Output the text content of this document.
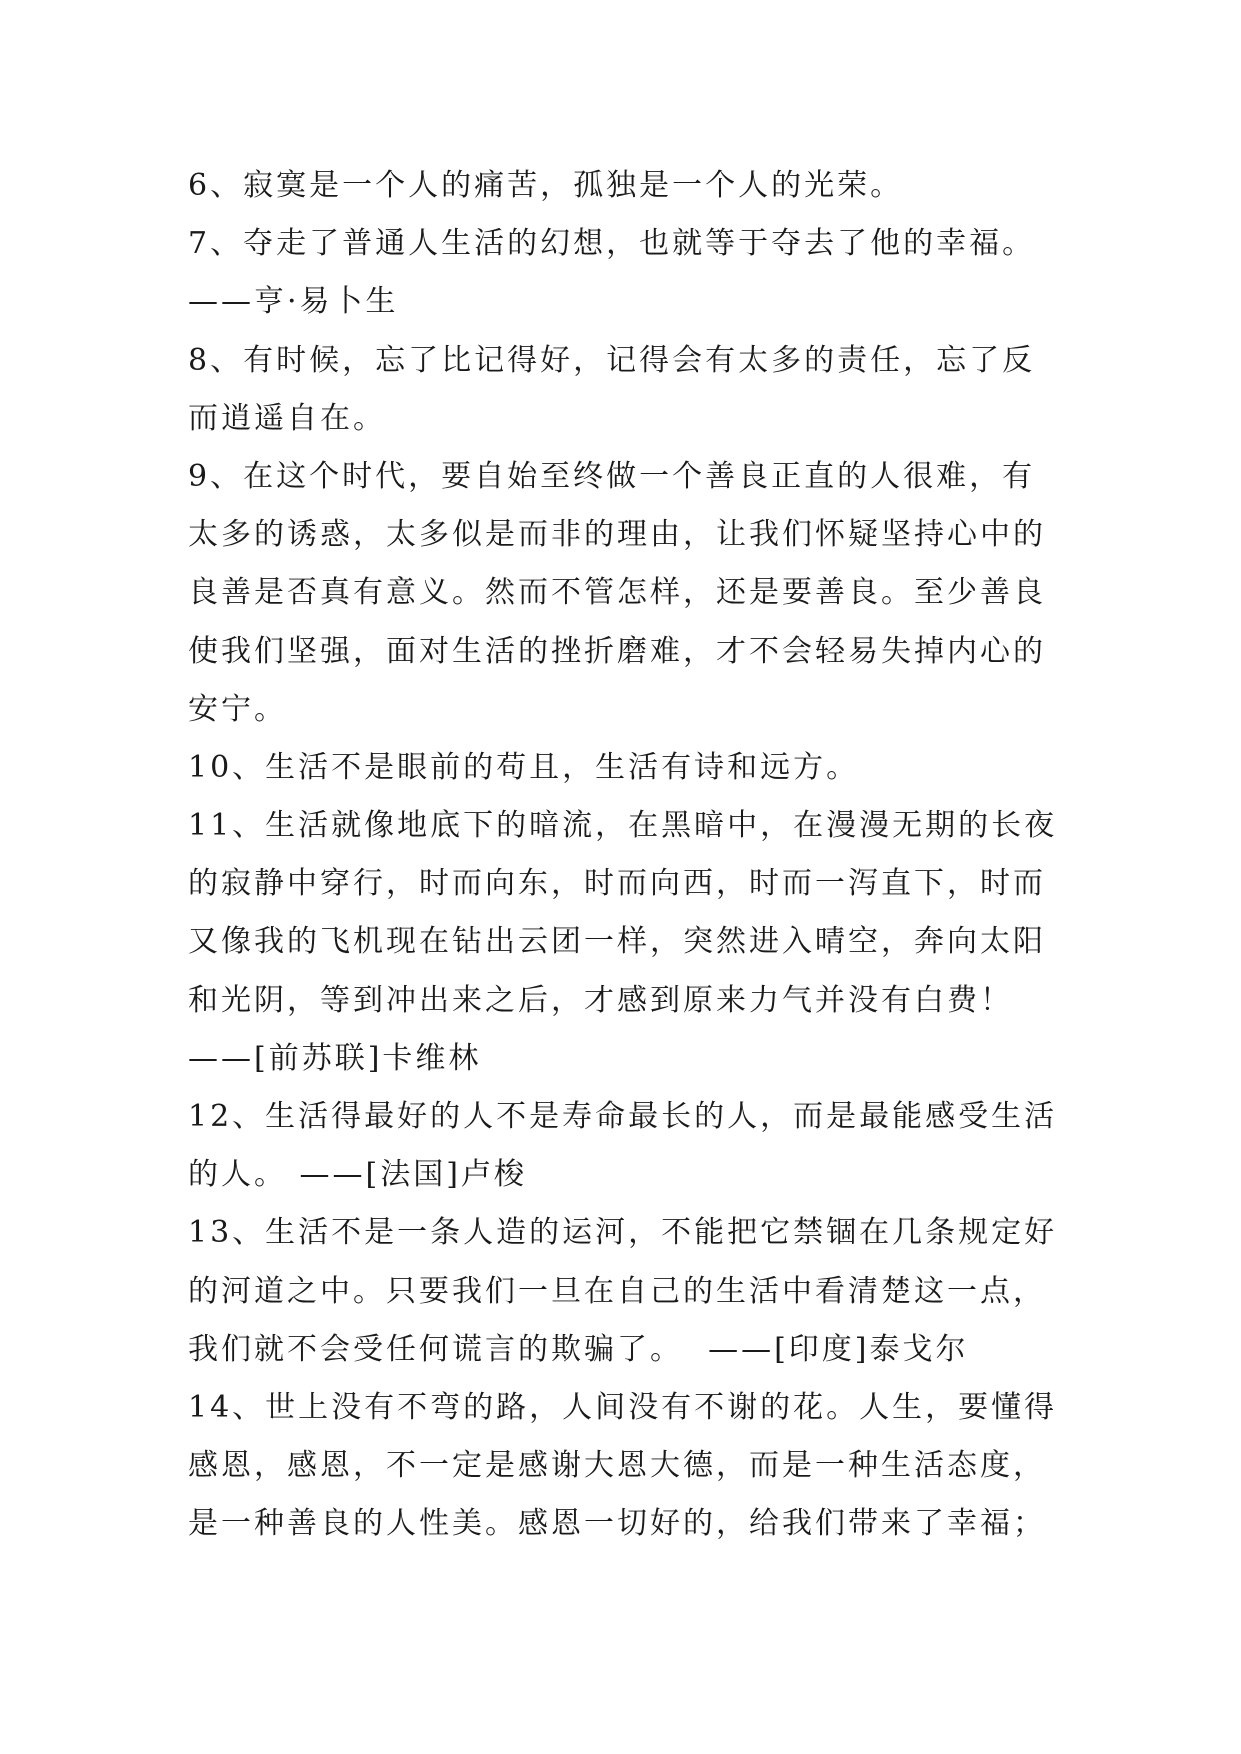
6、寂寞是一个人的痛苦，孤独是一个人的光荣。

7、夺走了普通人生活的幻想，也就等于夺去了他的幸福。

——亨·易卜生

8、有时候，忘了比记得好，记得会有太多的责任，忘了反

而逍遥自在。

9、在这个时代，要自始至终做一个善良正直的人很难，有

太多的诱惑，太多似是而非的理由，让我们怀疑坚持心中的

良善是否真有意义。然而不管怎样，还是要善良。至少善良

使我们坚强，面对生活的挫折磨难，才不会轻易失掉内心的

安宁。

10、生活不是眼前的苟且，生活有诗和远方。

11、生活就像地底下的暗流，在黑暗中，在漫漫无期的长夜

的寂静中穿行，时而向东，时而向西，时而一泻直下，时而

又像我的飞机现在钻出云团一样，突然进入晴空，奔向太阳

和光阴，等到冲出来之后，才感到原来力气并没有白费！

——[前苏联]卡维林

12、生活得最好的人不是寿命最长的人，而是最能感受生活

的人。 ——[法国]卢梭

13、生活不是一条人造的运河，不能把它禁锢在几条规定好

的河道之中。只要我们一旦在自己的生活中看清楚这一点，

我们就不会受任何谎言的欺骗了。  ——[印度]泰戈尔

14、世上没有不弯的路，人间没有不谢的花。人生，要懂得

感恩，感恩，不一定是感谢大恩大德，而是一种生活态度，

是一种善良的人性美。感恩一切好的，给我们带来了幸福；
